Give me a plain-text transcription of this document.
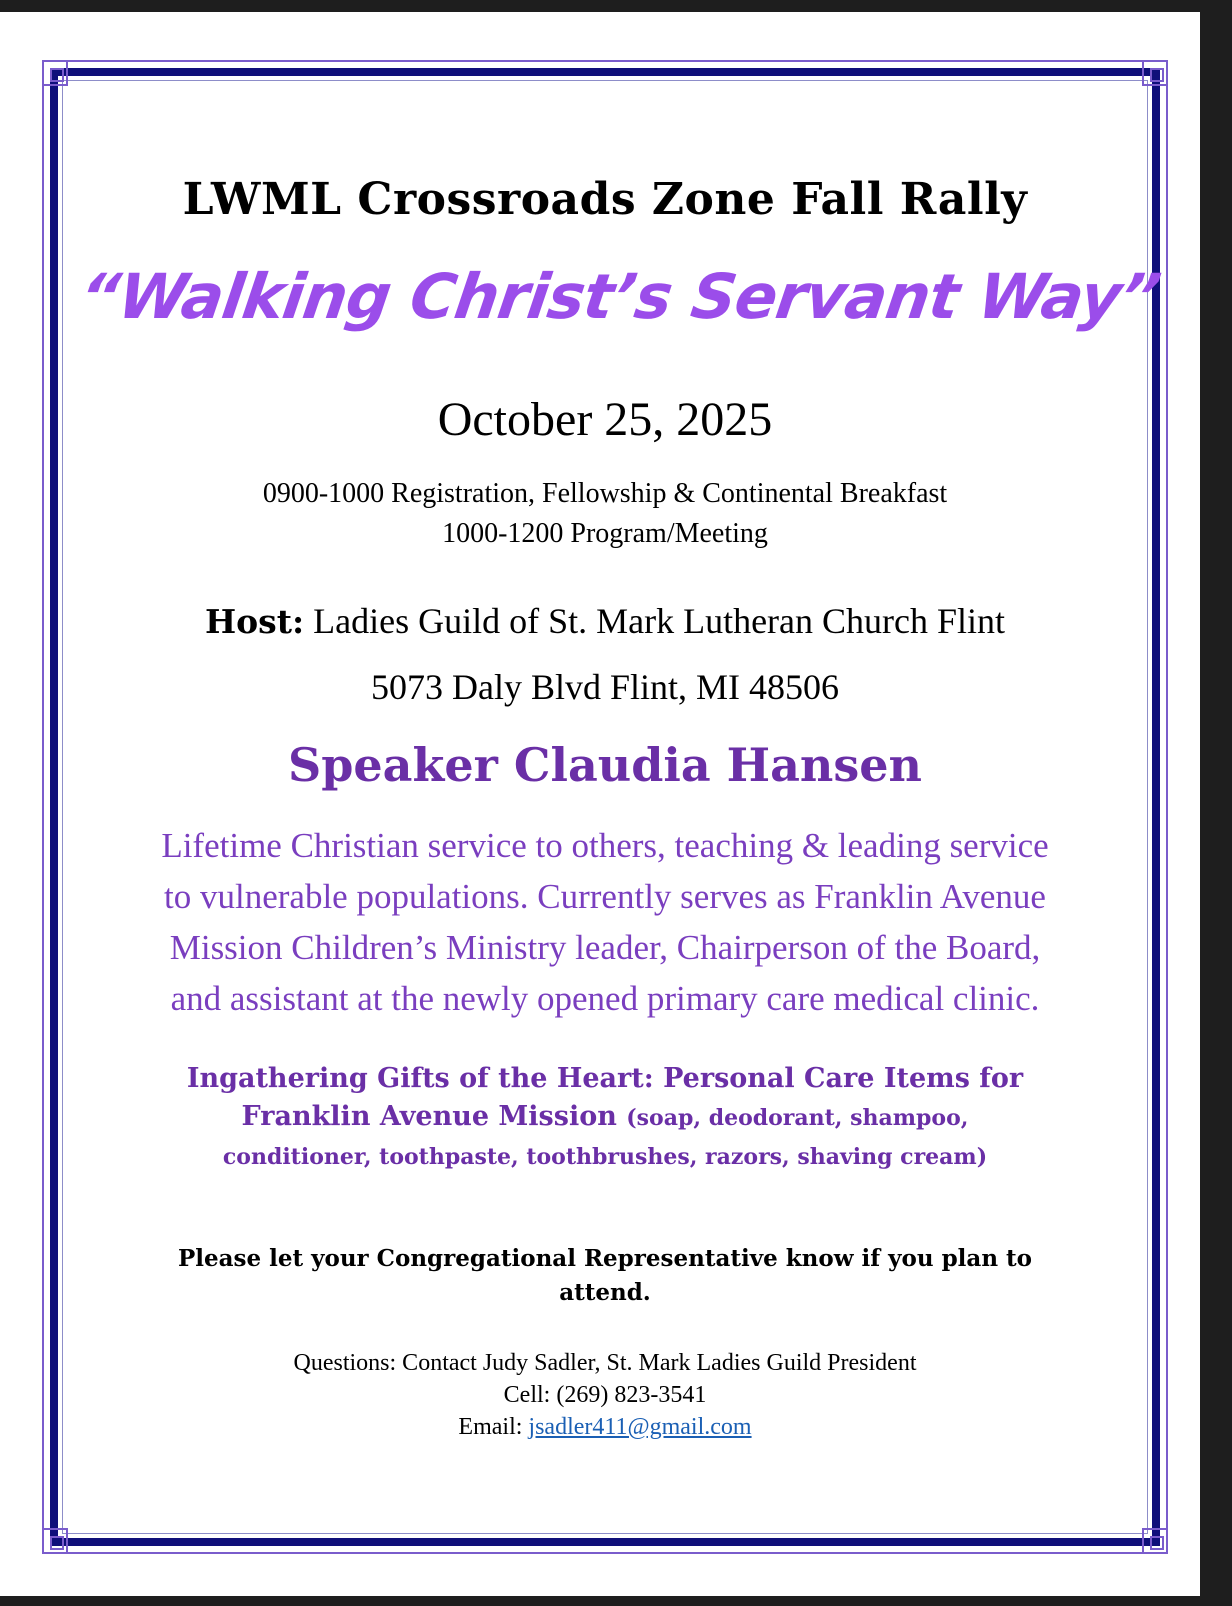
LWML Crossroads Zone Fall Rally
“Walking Christ’s Servant Way”
October 25, 2025
0900-1000 Registration, Fellowship & Continental Breakfast
1000-1200 Program/Meeting
Host: Ladies Guild of St. Mark Lutheran Church Flint
5073 Daly Blvd Flint, MI 48506
Speaker Claudia Hansen
Lifetime Christian service to others, teaching & leading service to vulnerable populations. Currently serves as Franklin Avenue Mission Children’s Ministry leader, Chairperson of the Board, and assistant at the newly opened primary care medical clinic.
Ingathering Gifts of the Heart: Personal Care Items for Franklin Avenue Mission (soap, deodorant, shampoo, conditioner, toothpaste, toothbrushes, razors, shaving cream)
Please let your Congregational Representative know if you plan to attend.
Questions: Contact Judy Sadler, St. Mark Ladies Guild President
Cell: (269) 823-3541
Email: jsadler411@gmail.com
